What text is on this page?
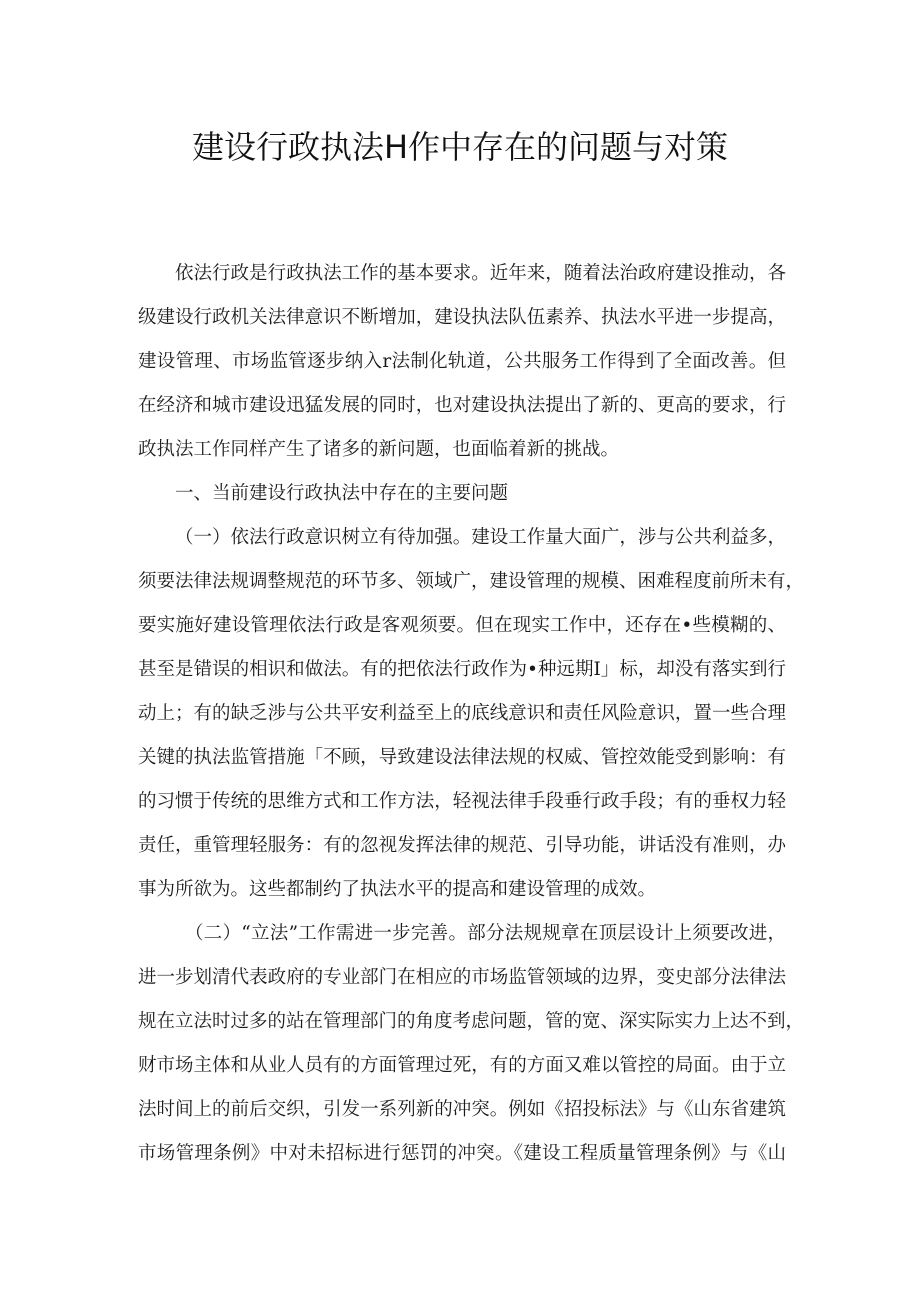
建设行政执法H作中存在的问题与对策
依法行政是行政执法工作的基本要求。近年来，随着法治政府建设推动，各
级建设行政机关法律意识不断增加，建设执法队伍素养、执法水平进一步提高，
建设管理、市场监管逐步纳入r法制化轨道，公共服务工作得到了全面改善。但
在经济和城市建设迅猛发展的同时，也对建设执法提出了新的、更高的要求，行
政执法工作同样产生了诸多的新问题，也面临着新的挑战。
一、当前建设行政执法中存在的主要问题
（一）依法行政意识树立有待加强。建设工作量大面广，涉与公共利益多，
须要法律法规调整规范的环节多、领域广，建设管理的规模、困难程度前所未有，
要实施好建设管理依法行政是客观须要。但在现实工作中，还存在•些模糊的、
甚至是错误的相识和做法。有的把依法行政作为•种远期I」标，却没有落实到行
动上；有的缺乏涉与公共平安利益至上的底线意识和责任风险意识，置一些合理
关键的执法监管措施「不顾，导致建设法律法规的权威、管控效能受到影响：有
的习惯于传统的思维方式和工作方法，轻视法律手段垂行政手段；有的垂权力轻
责任，重管理轻服务：有的忽视发挥法律的规范、引导功能，讲话没有准则，办
事为所欲为。这些都制约了执法水平的提高和建设管理的成效。
（二）“立法”工作需进一步完善。部分法规规章在顶层设计上须要改进，
进一步划清代表政府的专业部门在相应的市场监管领域的边界，变史部分法律法
规在立法时过多的站在管理部门的角度考虑问题，管的宽、深实际实力上达不到，
财市场主体和从业人员有的方面管理过死，有的方面又难以管控的局面。由于立
法时间上的前后交织，引发一系列新的冲突。例如《招投标法》与《山东省建筑
市场管理条例》中对未招标进行惩罚的冲突。《建设工程质量管理条例》与《山
